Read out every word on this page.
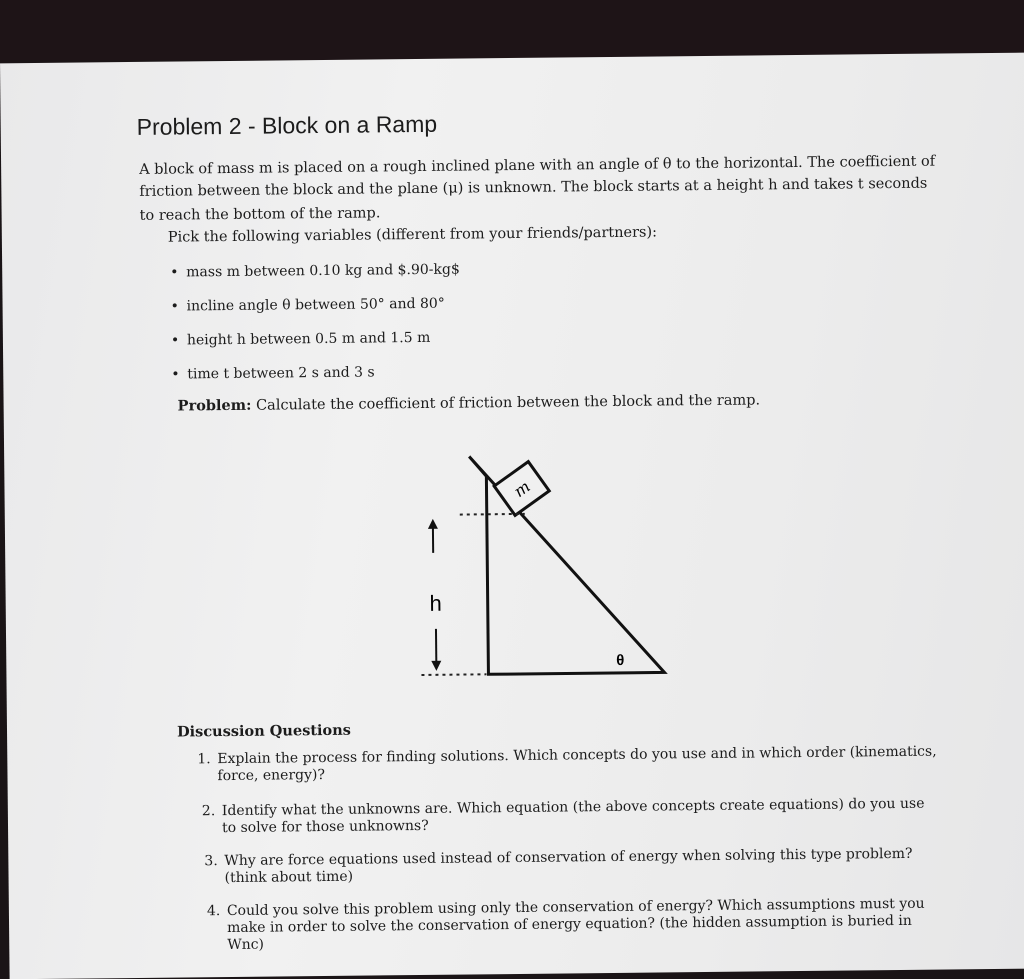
Problem 2 - Block on a Ramp
A block of mass m is placed on a rough inclined plane with an angle of θ to the horizontal. The coefficient of
friction between the block and the plane (μ) is unknown. The block starts at a height h and takes t seconds
to reach the bottom of the ramp.
Pick the following variables (different from your friends/partners):
• mass m between 0.10 kg and $.90-kg$
• incline angle θ between 50° and 80°
• height h between 0.5 m and 1.5 m
• time t between 2 s and 3 s
Problem: Calculate the coefficient of friction between the block and the ramp.
m
h
θ
Discussion Questions
1. Explain the process for finding solutions. Which concepts do you use and in which order (kinematics, force, energy)?
2. Identify what the unknowns are. Which equation (the above concepts create equations) do you use to solve for those unknowns?
3. Why are force equations used instead of conservation of energy when solving this type problem? (think about time)
4. Could you solve this problem using only the conservation of energy? Which assumptions must you make in order to solve the conservation of energy equation? (the hidden assumption is buried in Wnc)
